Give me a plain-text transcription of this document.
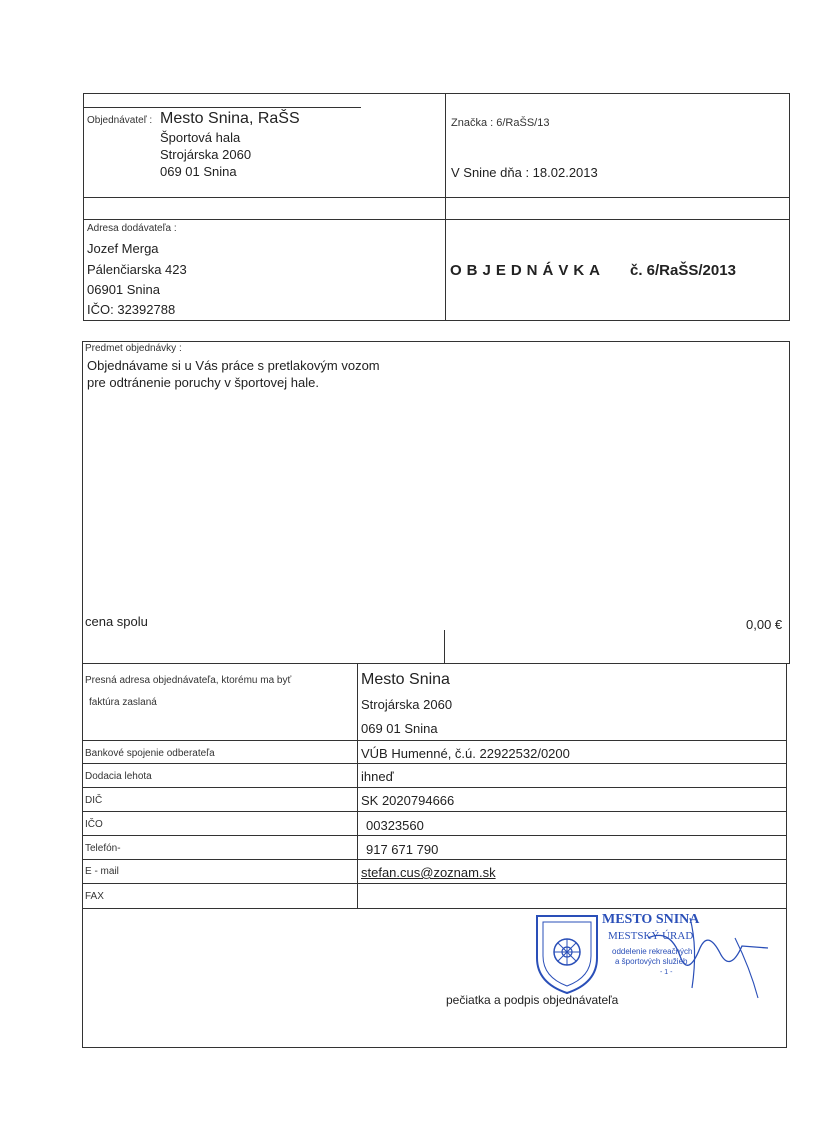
Objednávateľ : Mesto Snina, RaŠS
Športová hala
Strojárska 2060
069 01 Snina
Značka : 6/RaŠS/13
V Snine dňa : 18.02.2013
Adresa dodávateľa :
Jozef Merga
Pálenčiarska 423
06901 Snina
IČO: 32392788
OBJEDNÁVKA č. 6/RaŠS/2013
Predmet objednávky :
Objednávame si u Vás práce s pretlakovým vozom
pre odtránenie poruchy v športovej hale.
cena spolu	0,00 €
Presná adresa objednávateľa, ktorému ma byť
faktúra zaslaná
Mesto Snina
Strojárska 2060
069 01 Snina
Bankové spojenie odberateľa	VÚB Humenné, č.ú. 22922532/0200
Dodacia lehota	ihneď
DIČ	SK 2020794666
IČO	00323560
Telefón-	917 671 790
E - mail	stefan.cus@zoznam.sk
FAX
MESTO SNINA
MESTSKÝ ÚRAD
oddelenie rekreačných
a športových služieb
- 1 -
pečiatka a podpis objednávateľa
